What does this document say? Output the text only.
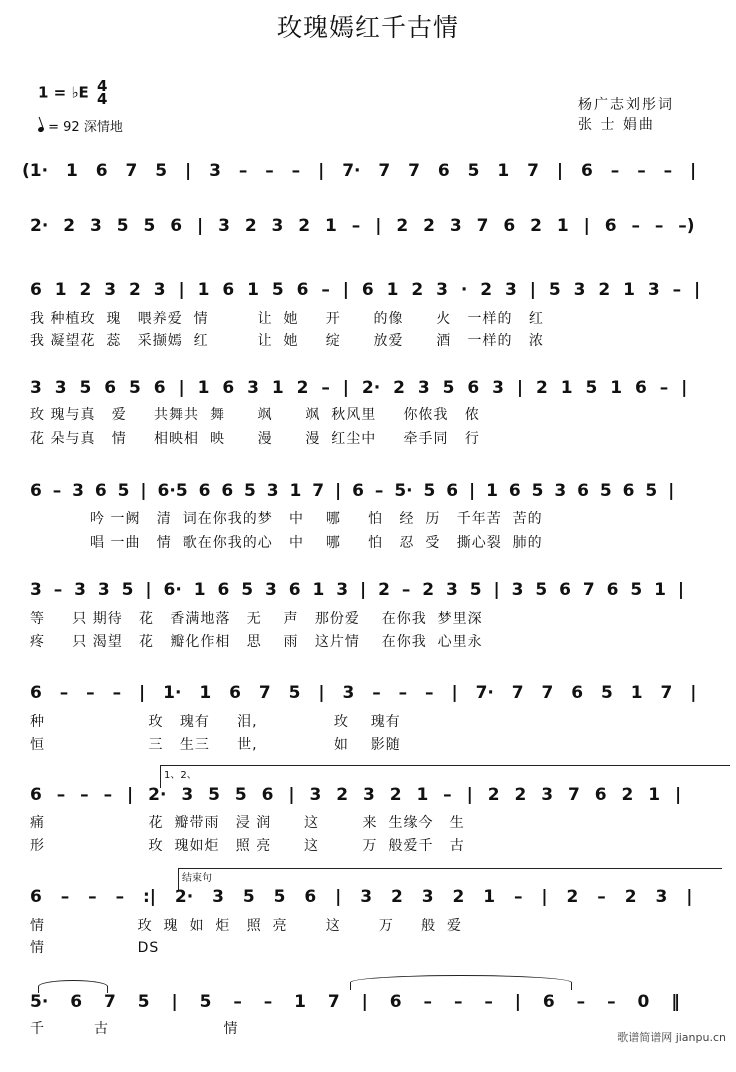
玫瑰嫣红千古情
1 = ♭E 4
4
= 92 深情地
杨广志刘彤词
张 士 娟曲
(1· 1 6 7 5 | 3 – – – | 7· 7 7 6 5 1 7 | 6 – – – |
2· 2 3 5 5 6 | 3 2 3 2 1 – | 2 2 3 7 6 2 1 | 6 – – –)
6 1 2 3 2 3 | 1 6 1 5 6 – | 6 1 2 3 · 2 3 | 5 3 2 1 3 – |
我 种植玫  瑰   喂养爱  情         让  她     开      的像      火   一样的   红
我 凝望花  蕊   采撷嫣  红         让  她     绽      放爱      酒   一样的   浓
3 3 5 6 5 6 | 1 6 3 1 2 – | 2· 2 3 5 6 3 | 2 1 5 1 6 – |
玫 瑰与真   爱     共舞共  舞      飒      飒  秋风里     你侬我   侬
花 朵与真   情     相映相  映      漫      漫  红尘中     牵手同   行
6 – 3 6 5 | 6·5 6 6 5 3 1 7 | 6 – 5· 5 6 | 1 6 5 3 6 5 6 5 |
吟 一阙   清  词在你我的梦   中    哪     怕   经  历   千年苦  苦的
唱 一曲   情  歌在你我的心   中    哪     怕   忍  受   撕心裂  肺的
3 – 3 3 5 | 6· 1 6 5 3 6 1 3 | 2 – 2 3 5 | 3 5 6 7 6 5 1 |
等     只 期待   花   香满地落   无    声   那份爱    在你我  梦里深
疼     只 渴望   花   瓣化作相   思    雨   这片情    在你我  心里永
6 – – – | 1· 1 6 7 5 | 3 – – – | 7· 7 7 6 5 1 7 |
种                   玫   瑰有     泪,              玫    瑰有
恒                   三   生三     世,              如    影随
1、2、
6 – – – | 2· 3 5 5 6 | 3 2 3 2 1 – | 2 2 3 7 6 2 1 |
痛                   花  瓣带雨   浸 润      这        来  生缘今   生
形                   玫  瑰如炬   照 亮      这        万  般爱千   古
结束句
6 – – – :| 2· 3 5 5 6 | 3 2 3 2 1 – | 2 – 2 3 |
情                 玫  瑰  如  炬   照  亮       这       万     般  爱
情                 DS
5· 6 7 5 | 5 – – 1 7 | 6 – – – | 6 – – 0 ‖
千         古                     情
歌谱简谱网 jianpu.cn
